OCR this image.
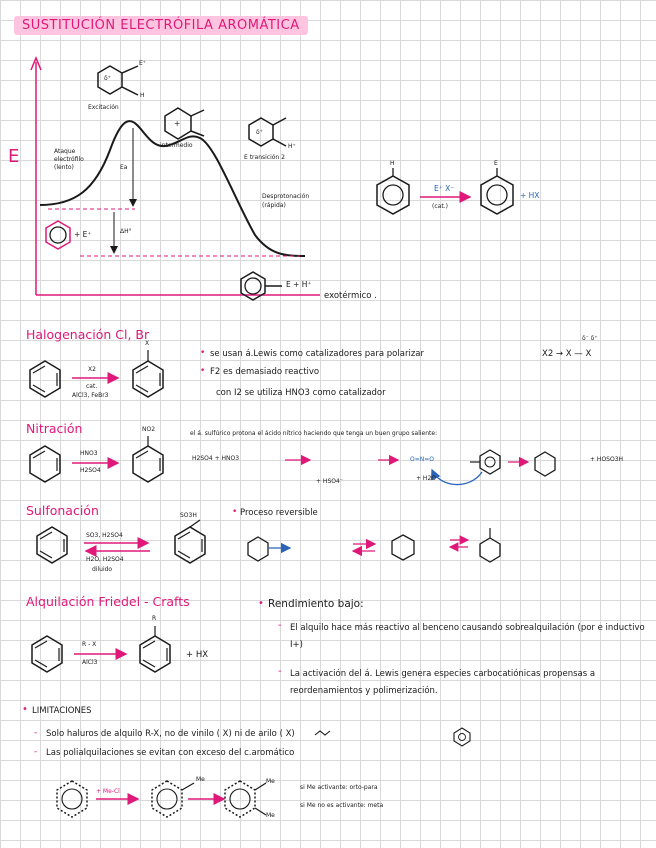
SUSTITUCIÓN ELECTRÓFILA AROMÁTICA
E
δ⁺
E⁺
H
Excitación
+
intermedio
δ⁺
H⁺
E transición 2
Ataque electrófilo (lento)	Ea
ΔH°
Desprotonación (rápida)
+ E⁺
E + H⁺
exotérmico .
H	E
E⁺ X⁻
(cat.)
+ HX
Halogenación Cl, Br
X2
cat.
AlCl3, FeBr3
X
• se usan á.Lewis como catalizadores para polarizar	X2 → X — X
δ⁻ δ⁺
• F2 es demasiado reactivo
con I2 se utiliza HNO3 como catalizador
Nitración	NO2
HNO3
H2SO4
el á. sulfúrico protona el ácido nítrico haciendo que tenga un buen grupo saliente:
H2SO4 + HNO3
+ HSO4⁻
O=N=O
+ H2O
+ HOSO3H
Sulfonación	SO3H
SO3, H2SO4
H2O, H2SO4
diluido
• Proceso reversible
Alquilación Friedel - Crafts
R
R - X
AlCl3
+ HX
• Rendimiento bajo:
- El alquilo hace más reactivo al benceno causando sobrealquilación (por e inductivo I+)
- La activación del á. Lewis genera especies carbocatiónicas propensas a reordenamientos y polimerización.
• LIMITACIONES
- Solo haluros de alquilo R-X, no de vinilo ( X) ni de arilo ( X)
- Las polialquilaciones se evitan con exceso del c.aromático
+ Me-Cl
Me	Me
Me
si Me activante: orto-para
si Me no es activante: meta
